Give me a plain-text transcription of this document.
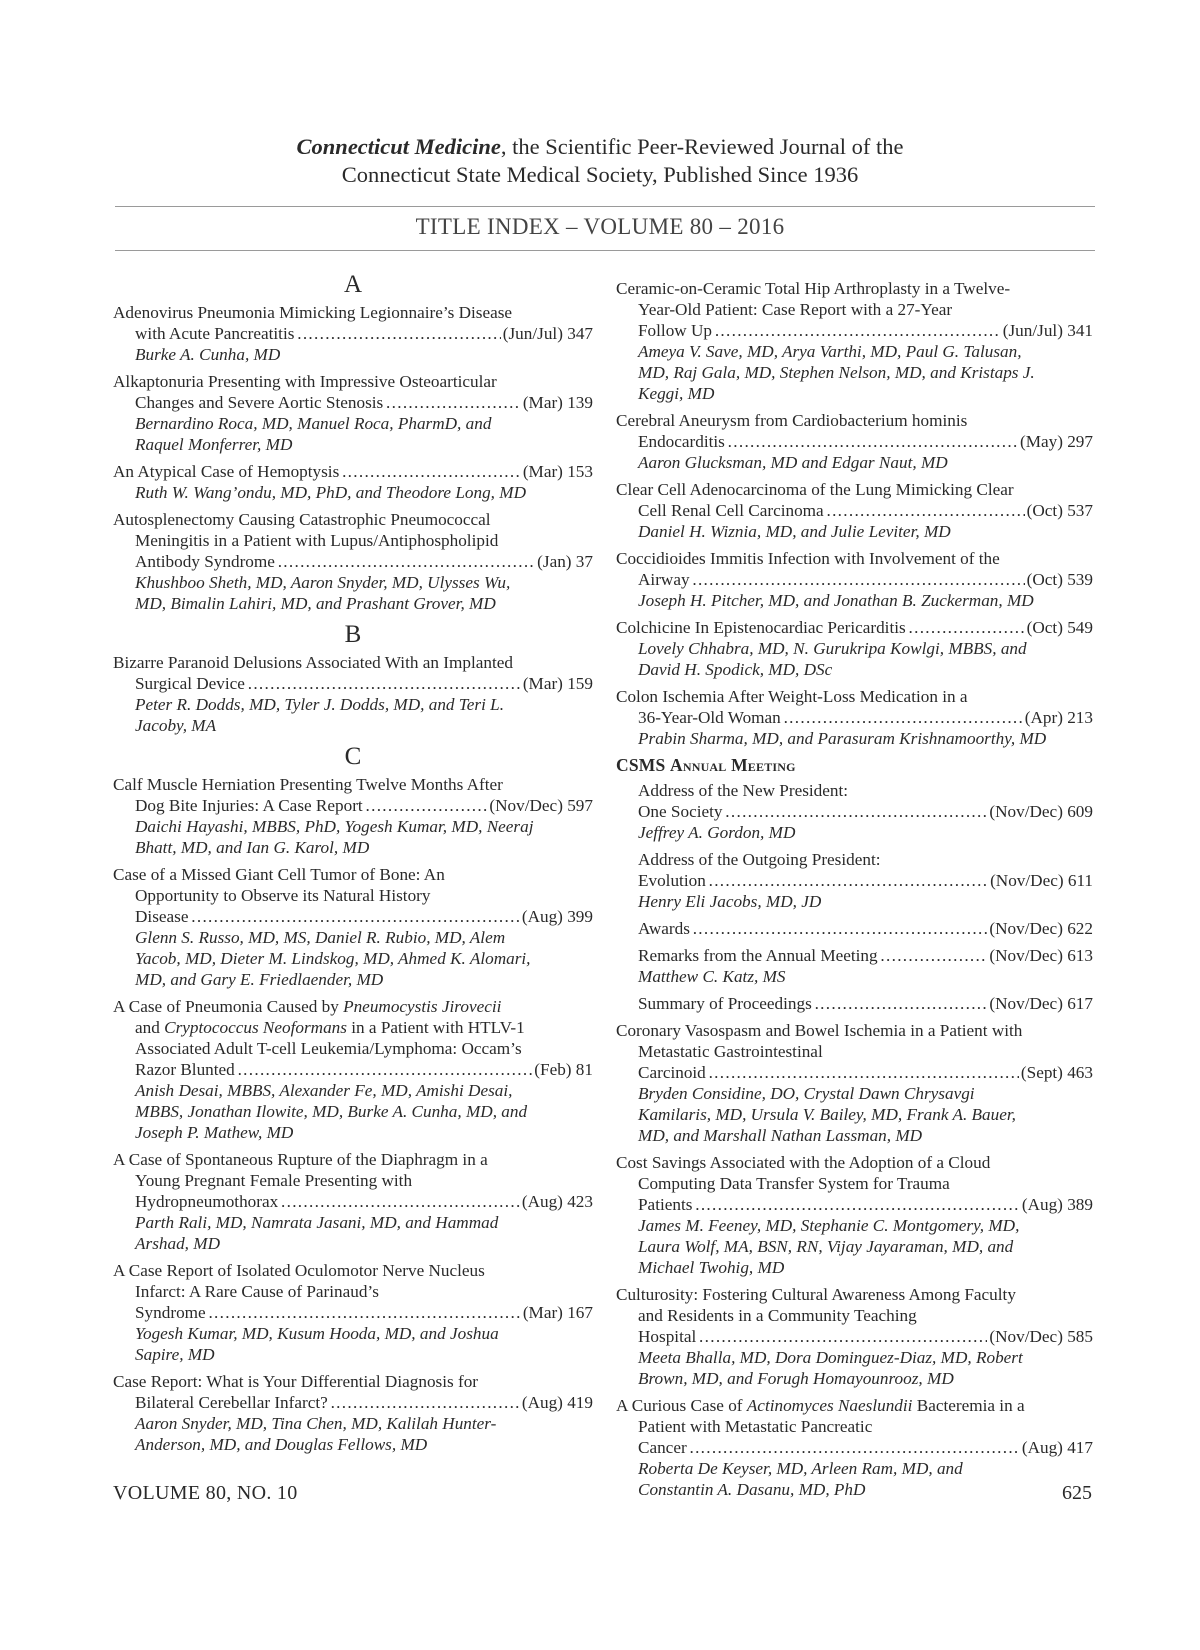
Connecticut Medicine, the Scientific Peer-Reviewed Journal of the
Connecticut State Medical Society, Published Since 1936
TITLE INDEX – VOLUME 80 – 2016
A
Adenovirus Pneumonia Mimicking Legionnaire’s Disease
with Acute Pancreatitis . . .	(Jun/Jul) 347
Burke A. Cunha, MD
Alkaptonuria Presenting with Impressive Osteoarticular
Changes and Severe Aortic Stenosis . . .	(Mar) 139
Bernardino Roca, MD, Manuel Roca, PharmD, and
Raquel Monferrer, MD
An Atypical Case of Hemoptysis . . .	(Mar) 153
Ruth W. Wang’ondu, MD, PhD, and Theodore Long, MD
Autosplenectomy Causing Catastrophic Pneumococcal
Meningitis in a Patient with Lupus/Antiphospholipid
Antibody Syndrome . . .	(Jan) 37
Khushboo Sheth, MD, Aaron Snyder, MD, Ulysses Wu,
MD, Bimalin Lahiri, MD, and Prashant Grover, MD
B
Bizarre Paranoid Delusions Associated With an Implanted
Surgical Device . . .	(Mar) 159
Peter R. Dodds, MD, Tyler J. Dodds, MD, and Teri L.
Jacoby, MA
C
Calf Muscle Herniation Presenting Twelve Months After
Dog Bite Injuries: A Case Report . . .	(Nov/Dec) 597
Daichi Hayashi, MBBS, PhD, Yogesh Kumar, MD, Neeraj
Bhatt, MD, and Ian G. Karol, MD
Case of a Missed Giant Cell Tumor of Bone: An
Opportunity to Observe its Natural History
Disease . . .	(Aug) 399
Glenn S. Russo, MD, MS, Daniel R. Rubio, MD, Alem
Yacob, MD, Dieter M. Lindskog, MD, Ahmed K. Alomari,
MD, and Gary E. Friedlaender, MD
A Case of Pneumonia Caused by Pneumocystis Jirovecii
and Cryptococcus Neoformans in a Patient with HTLV-1
Associated Adult T-cell Leukemia/Lymphoma: Occam’s
Razor Blunted . . .	(Feb) 81
Anish Desai, MBBS, Alexander Fe, MD, Amishi Desai,
MBBS, Jonathan Ilowite, MD, Burke A. Cunha, MD, and
Joseph P. Mathew, MD
A Case of Spontaneous Rupture of the Diaphragm in a
Young Pregnant Female Presenting with
Hydropneumothorax . . .	(Aug) 423
Parth Rali, MD, Namrata Jasani, MD, and Hammad
Arshad, MD
A Case Report of Isolated Oculomotor Nerve Nucleus
Infarct: A Rare Cause of Parinaud’s
Syndrome . . .	(Mar) 167
Yogesh Kumar, MD, Kusum Hooda, MD, and Joshua
Sapire, MD
Case Report: What is Your Differential Diagnosis for
Bilateral Cerebellar Infarct? . . .	(Aug) 419
Aaron Snyder, MD, Tina Chen, MD, Kalilah Hunter-
Anderson, MD, and Douglas Fellows, MD
Ceramic-on-Ceramic Total Hip Arthroplasty in a Twelve-
Year-Old Patient: Case Report with a 27-Year
Follow Up . . .	(Jun/Jul) 341
Ameya V. Save, MD, Arya Varthi, MD, Paul G. Talusan,
MD, Raj Gala, MD, Stephen Nelson, MD, and Kristaps J.
Keggi, MD
Cerebral Aneurysm from Cardiobacterium hominis
Endocarditis . . .	(May) 297
Aaron Glucksman, MD and Edgar Naut, MD
Clear Cell Adenocarcinoma of the Lung Mimicking Clear
Cell Renal Cell Carcinoma . . .	(Oct) 537
Daniel H. Wiznia, MD, and Julie Leviter, MD
Coccidioides Immitis Infection with Involvement of the
Airway . . .	(Oct) 539
Joseph H. Pitcher, MD, and Jonathan B. Zuckerman, MD
Colchicine In Epistenocardiac Pericarditis . . .	(Oct) 549
Lovely Chhabra, MD, N. Gurukripa Kowlgi, MBBS, and
David H. Spodick, MD, DSc
Colon Ischemia After Weight-Loss Medication in a
36-Year-Old Woman . . .	(Apr) 213
Prabin Sharma, MD, and Parasuram Krishnamoorthy, MD
CSMS Annual Meeting
Address of the New President:
One Society . . .	(Nov/Dec) 609
Jeffrey A. Gordon, MD
Address of the Outgoing President:
Evolution . . .	(Nov/Dec) 611
Henry Eli Jacobs, MD, JD
Awards . . .	(Nov/Dec) 622
Remarks from the Annual Meeting . . .	(Nov/Dec) 613
Matthew C. Katz, MS
Summary of Proceedings . . .	(Nov/Dec) 617
Coronary Vasospasm and Bowel Ischemia in a Patient with
Metastatic Gastrointestinal
Carcinoid . . .	(Sept) 463
Bryden Considine, DO, Crystal Dawn Chrysavgi
Kamilaris, MD, Ursula V. Bailey, MD, Frank A. Bauer,
MD, and Marshall Nathan Lassman, MD
Cost Savings Associated with the Adoption of a Cloud
Computing Data Transfer System for Trauma
Patients . . .	(Aug) 389
James M. Feeney, MD, Stephanie C. Montgomery, MD,
Laura Wolf, MA, BSN, RN, Vijay Jayaraman, MD, and
Michael Twohig, MD
Culturosity: Fostering Cultural Awareness Among Faculty
and Residents in a Community Teaching
Hospital . . .	(Nov/Dec) 585
Meeta Bhalla, MD, Dora Dominguez-Diaz, MD, Robert
Brown, MD, and Forugh Homayounrooz, MD
A Curious Case of Actinomyces Naeslundii Bacteremia in a
Patient with Metastatic Pancreatic
Cancer . . .	(Aug) 417
Roberta De Keyser, MD, Arleen Ram, MD, and
Constantin A. Dasanu, MD, PhD
VOLUME 80, NO. 10	625
